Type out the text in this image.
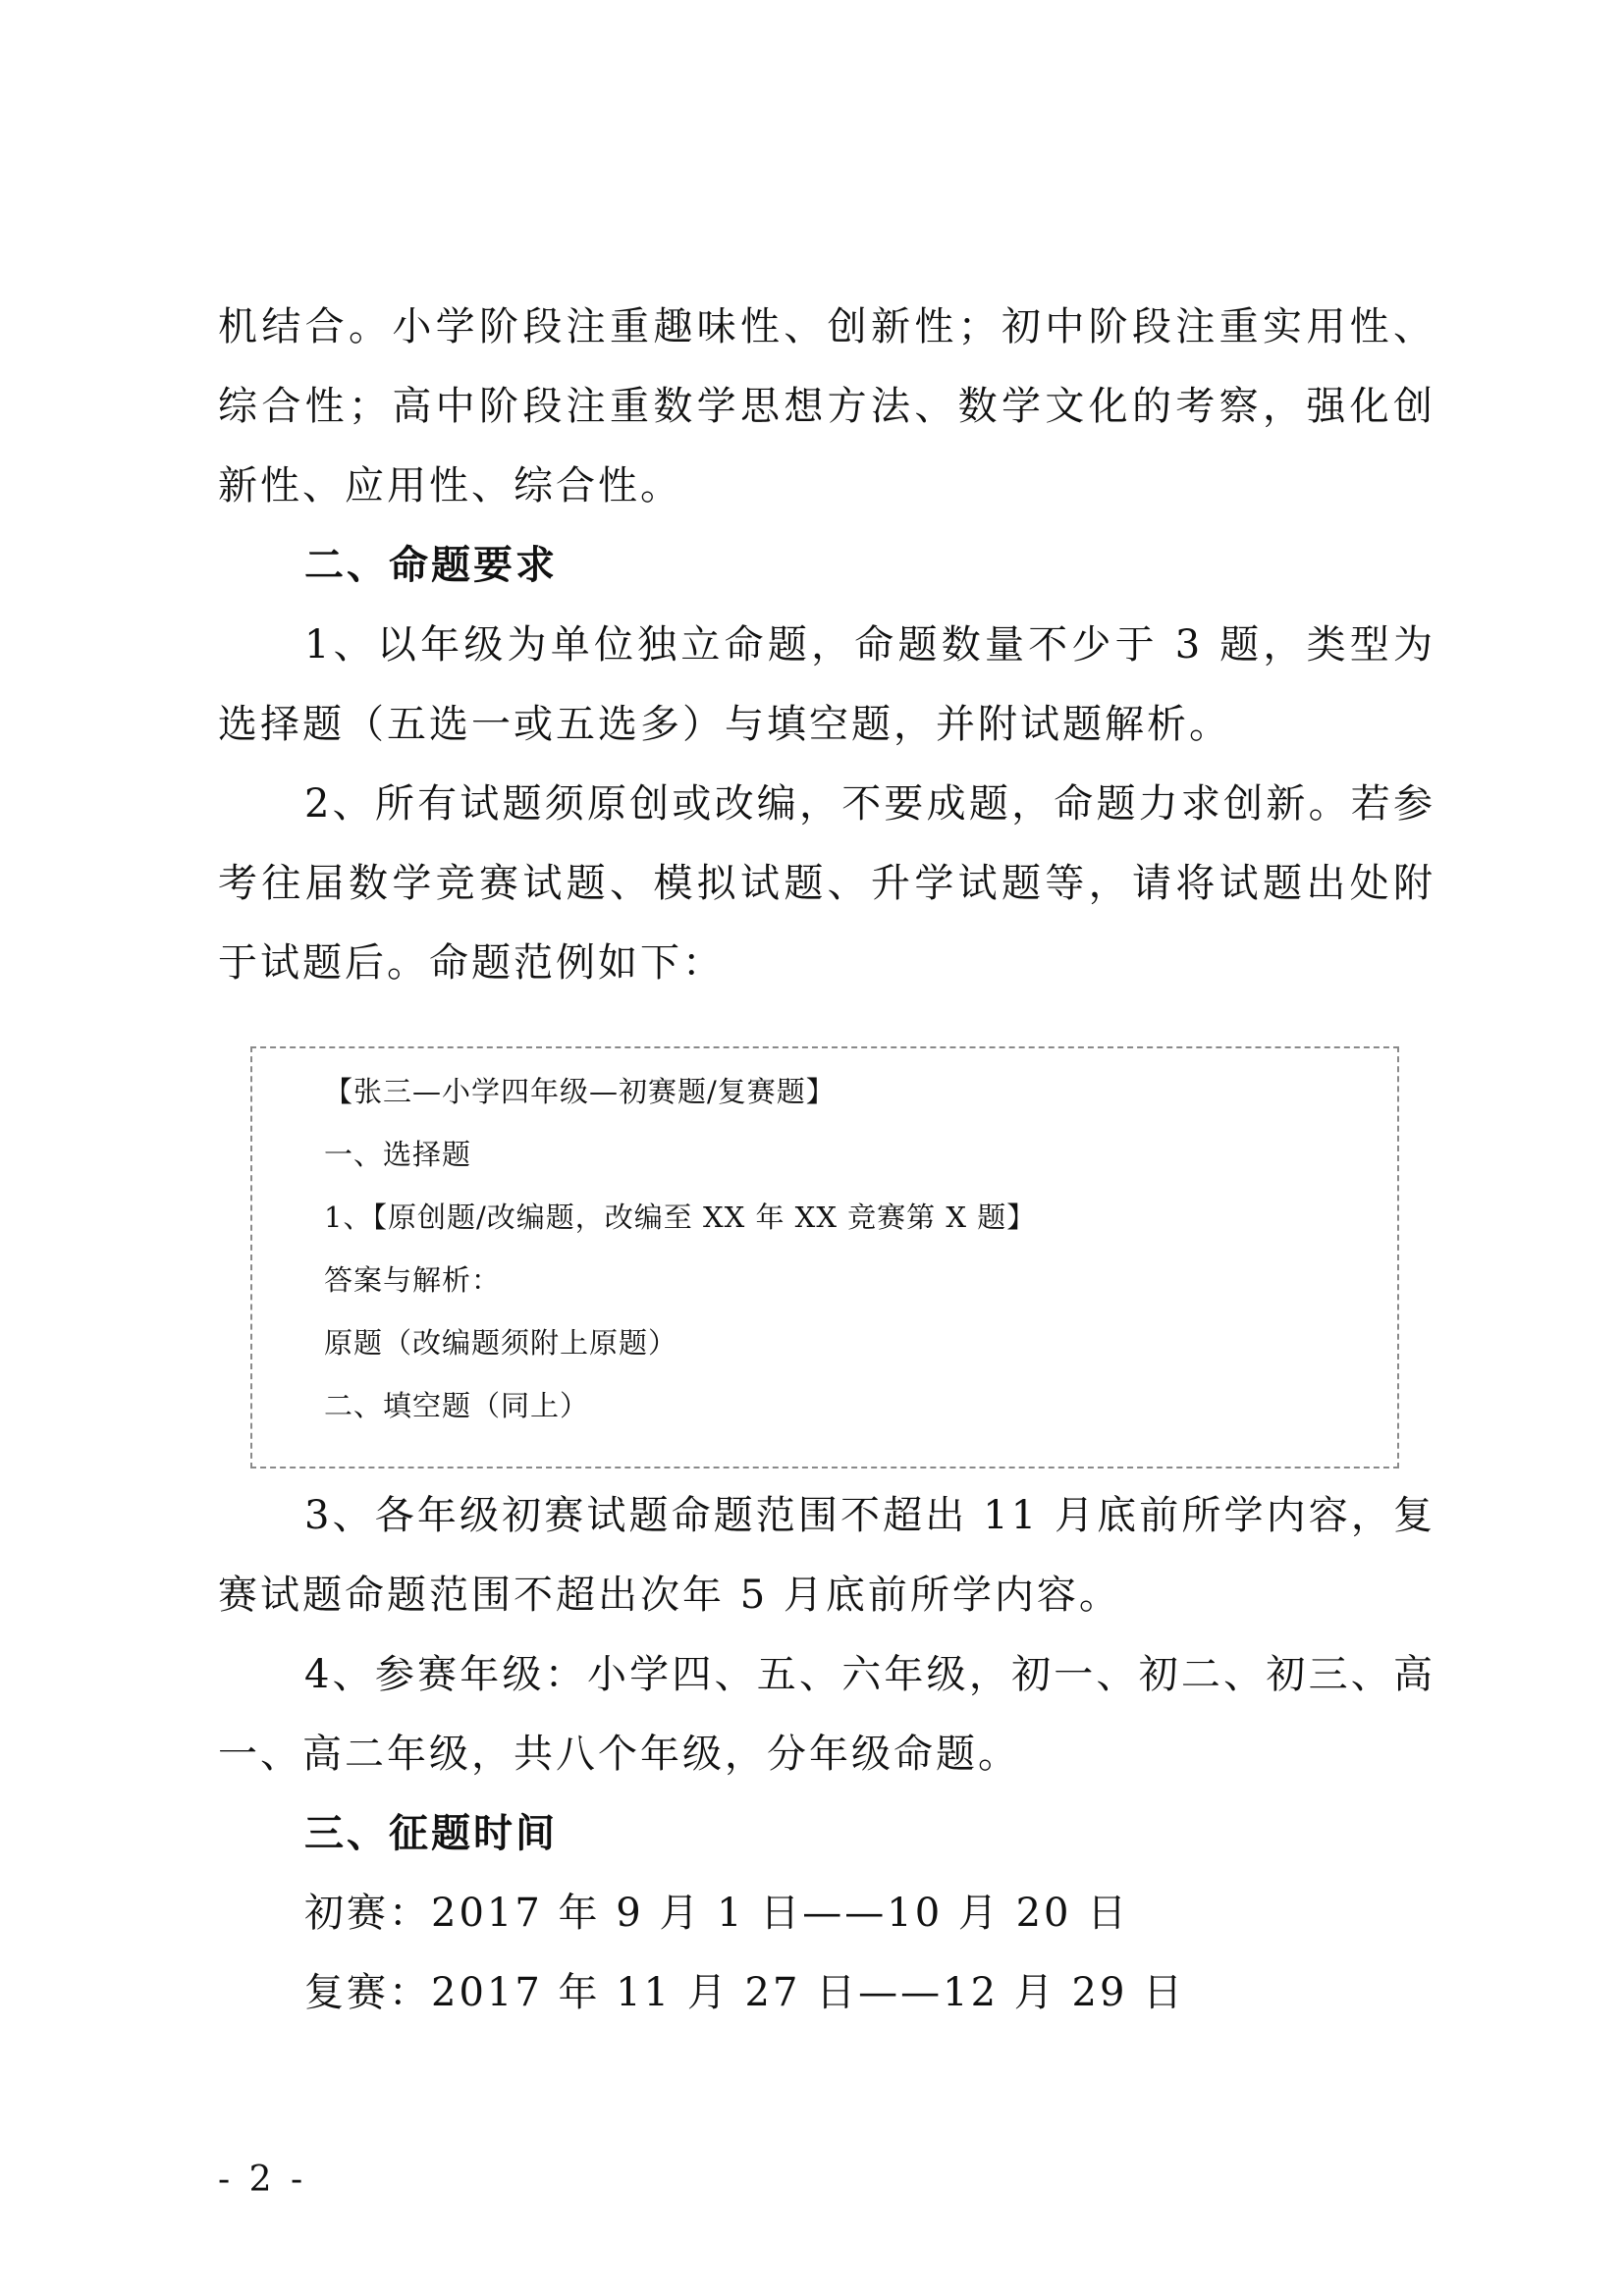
机结合。小学阶段注重趣味性、创新性；初中阶段注重实用性、综合性；高中阶段注重数学思想方法、数学文化的考察，强化创新性、应用性、综合性。

二、命题要求

1、以年级为单位独立命题，命题数量不少于 3 题，类型为选择题（五选一或五选多）与填空题，并附试题解析。

2、所有试题须原创或改编，不要成题，命题力求创新。若参考往届数学竞赛试题、模拟试题、升学试题等，请将试题出处附于试题后。命题范例如下：

【张三—小学四年级—初赛题/复赛题】

一、选择题

1、【原创题/改编题，改编至 XX 年 XX 竞赛第 X 题】

答案与解析：

原题（改编题须附上原题）

二、填空题（同上）

3、各年级初赛试题命题范围不超出 11 月底前所学内容，复赛试题命题范围不超出次年 5 月底前所学内容。

4、参赛年级：小学四、五、六年级，初一、初二、初三、高一、高二年级，共八个年级，分年级命题。

三、征题时间

初赛：2017 年 9 月 1 日——10 月 20 日

复赛：2017 年 11 月 27 日——12 月 29 日

- 2 -
